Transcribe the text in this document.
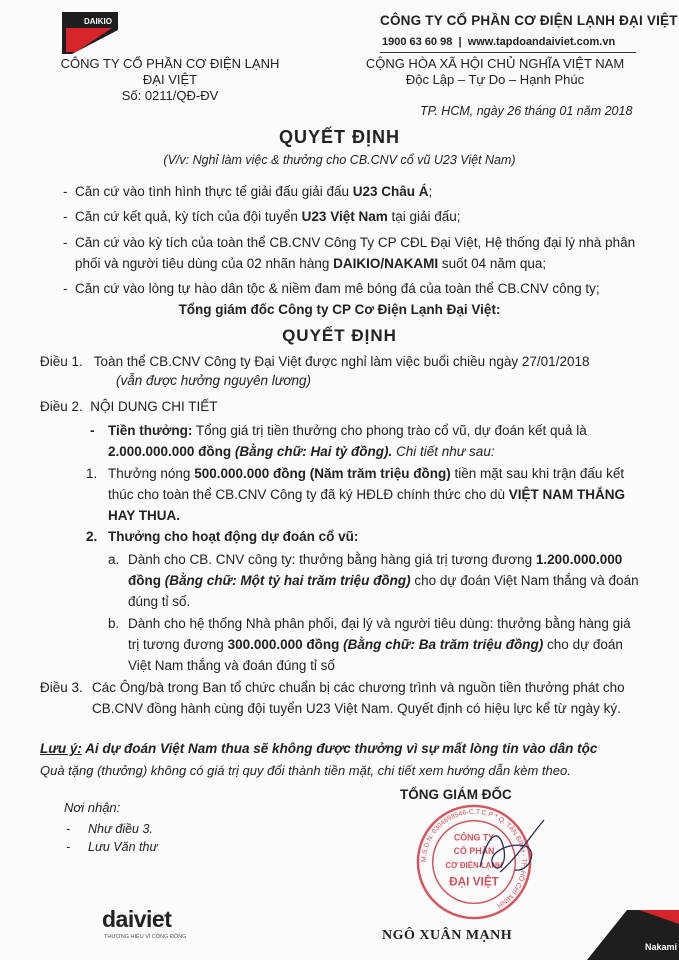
DAIKIO	CÔNG TY CỔ PHẦN CƠ ĐIỆN LẠNH ĐẠI VIỆT
1900 63 60 98 | www.tapdoandaiviet.com.vn
CÔNG TY CỔ PHẦN CƠ ĐIỆN LẠNH
ĐẠI VIỆT
Số: 0211/QĐ-ĐV
CỘNG HÒA XÃ HỘI CHỦ NGHĨA VIỆT NAM
Độc Lập – Tự Do – Hạnh Phúc
TP. HCM, ngày 26 tháng 01 năm 2018
QUYẾT ĐỊNH
(V/v: Nghỉ làm việc & thưởng cho CB.CNV cổ vũ U23 Việt Nam)
- Căn cứ vào tình hình thực tế giải đấu giải đấu U23 Châu Á;
- Căn cứ kết quả, kỳ tích của đội tuyển U23 Việt Nam tại giải đấu;
- Căn cứ vào kỳ tích của toàn thể CB.CNV Công Ty CP CĐL Đại Việt, Hệ thống đại lý nhà phân phối và người tiêu dùng của 02 nhãn hàng DAIKIO/NAKAMI suốt 04 năm qua;
- Căn cứ vào lòng tự hào dân tộc & niềm đam mê bóng đá của toàn thể CB.CNV công ty;
Tổng giám đốc Công ty CP Cơ Điện Lạnh Đại Việt:
QUYẾT ĐỊNH
Điều 1. Toàn thể CB.CNV Công ty Đại Việt được nghỉ làm việc buổi chiều ngày 27/01/2018
(vẫn được hưởng nguyên lương)
Điều 2. NỘI DUNG CHI TIẾT
- Tiền thưởng: Tổng giá trị tiền thưởng cho phong trào cổ vũ, dự đoán kết quả là
2.000.000.000 đồng (Bằng chữ: Hai tỷ đồng). Chi tiết như sau:
1. Thưởng nóng 500.000.000 đồng (Năm trăm triệu đồng) tiền mặt sau khi trận đấu kết thúc cho toàn thể CB.CNV Công ty đã ký HĐLĐ chính thức cho dù VIỆT NAM THẮNG HAY THUA.
2. Thưởng cho hoạt động dự đoán cổ vũ:
a. Dành cho CB. CNV công ty: thưởng bằng hàng giá trị tương đương 1.200.000.000 đồng (Bằng chữ: Một tỷ hai trăm triệu đồng) cho dự đoán Việt Nam thắng và đoán đúng tỉ số.
b. Dành cho hệ thống Nhà phân phối, đại lý và người tiêu dùng: thưởng bằng hàng giá trị tương đương 300.000.000 đồng (Bằng chữ: Ba trăm triệu đồng) cho dự đoán Việt Nam thắng và đoán đúng tỉ số
Điều 3. Các Ông/bà trong Ban tổ chức chuẩn bị các chương trình và nguồn tiền thưởng phát cho CB.CNV đồng hành cùng đội tuyển U23 Việt Nam. Quyết định có hiệu lực kể từ ngày ký.
Lưu ý: Ai dự đoán Việt Nam thua sẽ không được thưởng vì sự mất lòng tin vào dân tộc
Quà tặng (thưởng) không có giá trị quy đổi thành tiền mặt, chi tiết xem hướng dẫn kèm theo.
TỔNG GIÁM ĐỐC
Nơi nhận:
- Như điều 3.
- Lưu Văn thư
M.S.D.N: 0304698546-C.T.C.P * Q. TÂN BÌNH - TP. HỒ CHÍ MINH
CÔNG TY
CỔ PHẦN
CƠ ĐIỆN LẠNH
ĐẠI VIỆT
NGÔ XUÂN MẠNH
daiviet
THƯƠNG HIỆU VÌ CỘNG ĐỒNG
Nakami
